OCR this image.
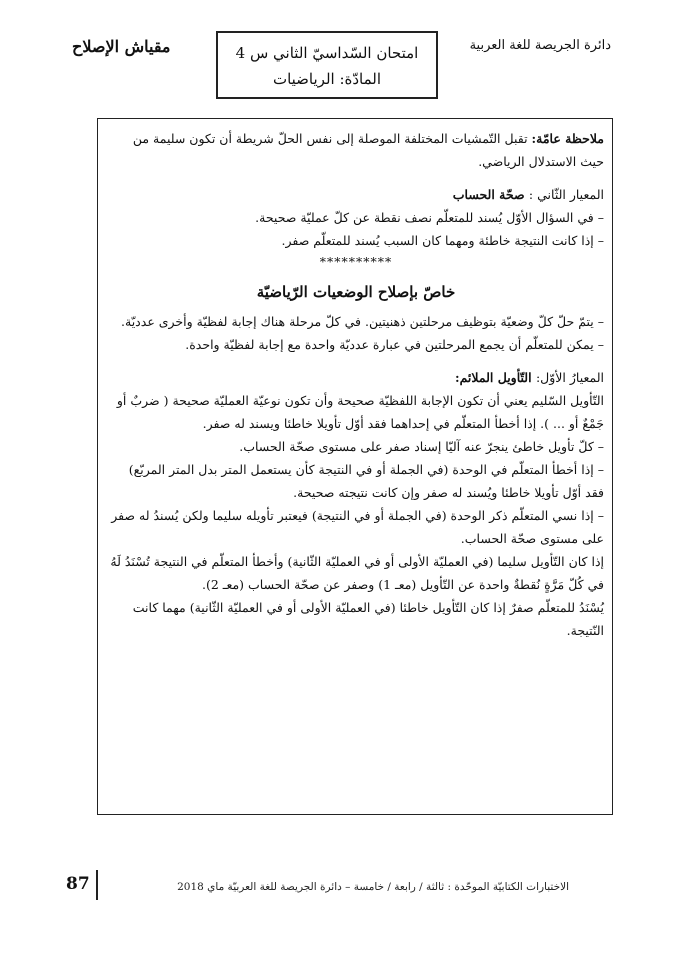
دائرة الجريصة للغة العربية
مقياش الإصلاح	امتحان السّداسيّ الثاني س 4
المادّة: الرياضيات

ملاحظة عامّة: تقبل التّمشيات المختلفة الموصلة إلى نفس الحلّ شريطة أن تكون سليمة من حيث الاستدلال الرياضي.

المعيار الثّاني : صحّة الحساب

– في السؤال الأوّل يُسند للمتعلّم نصف نقطة عن كلّ عمليّة صحيحة.

– إذا كانت النتيجة خاطئة ومهما كان السبب يُسند للمتعلّم صفر.

**********

خاصّ بإصلاح الوضعيات الرّياضيّة

– يتمّ حلّ كلّ وضعيّة بتوظيف مرحلتين ذهنيتين. في كلّ مرحلة هناك إجابة لفظيّة وأخرى عدديّة.

– يمكن للمتعلّم أن يجمع المرحلتين في عبارة عدديّة واحدة مع إجابة لفظيّة واحدة.

المعيارُ الأوّل: التّأويل الملائم:

التّأويل السّليم يعني أن تكون الإجابة اللفظيّة صحيحة وأن تكون نوعيّة العمليّة صحيحة ( ضربٌ أو جَمْعٌ أو ... ). إذا أخطأ المتعلّم في إحداهما فقد أوّل تأويلا خاطئا ويسند له صفر.

– كلّ تأويل خاطئ ينجرّ عنه آليّا إسناد صفر على مستوى صحّة الحساب.

– إذا أخطأ المتعلّم في الوحدة (في الجملة أو في النتيجة كأن يستعمل المتر بدل المتر المربّع) فقد أوّل تأويلا خاطئا ويُسند له صفر وإن كانت نتيجته صحيحة.

– إذا نسي المتعلّم ذكر الوحدة (في الجملة أو في النتيجة) فيعتبر تأويله سليما ولكن يُسندُ له صفر على مستوى صحّة الحساب.

إذا كان التّأويل سليما (في العمليّة الأولى أو في العمليّة الثّانية) وأخطأ المتعلّم في النتيجة تُسْنَدُ لَهُ في كُلّ مَرَّةٍ نُقطةٌ واحدة عن التّأويل (معـ 1) وصفر عن صحّة الحساب (معـ 2).

يُسْنَدُ للمتعلّم صفرٌ إذا كان التّأويل خاطئا (في العمليّة الأولى أو في العمليّة الثّانية) مهما كانت النّتيجة.

الاختبارات الكتابيّة الموحّدة : ثالثة / رابعة / خامسة – دائرة الجريصة للغة العربيّة ماي 2018
87
